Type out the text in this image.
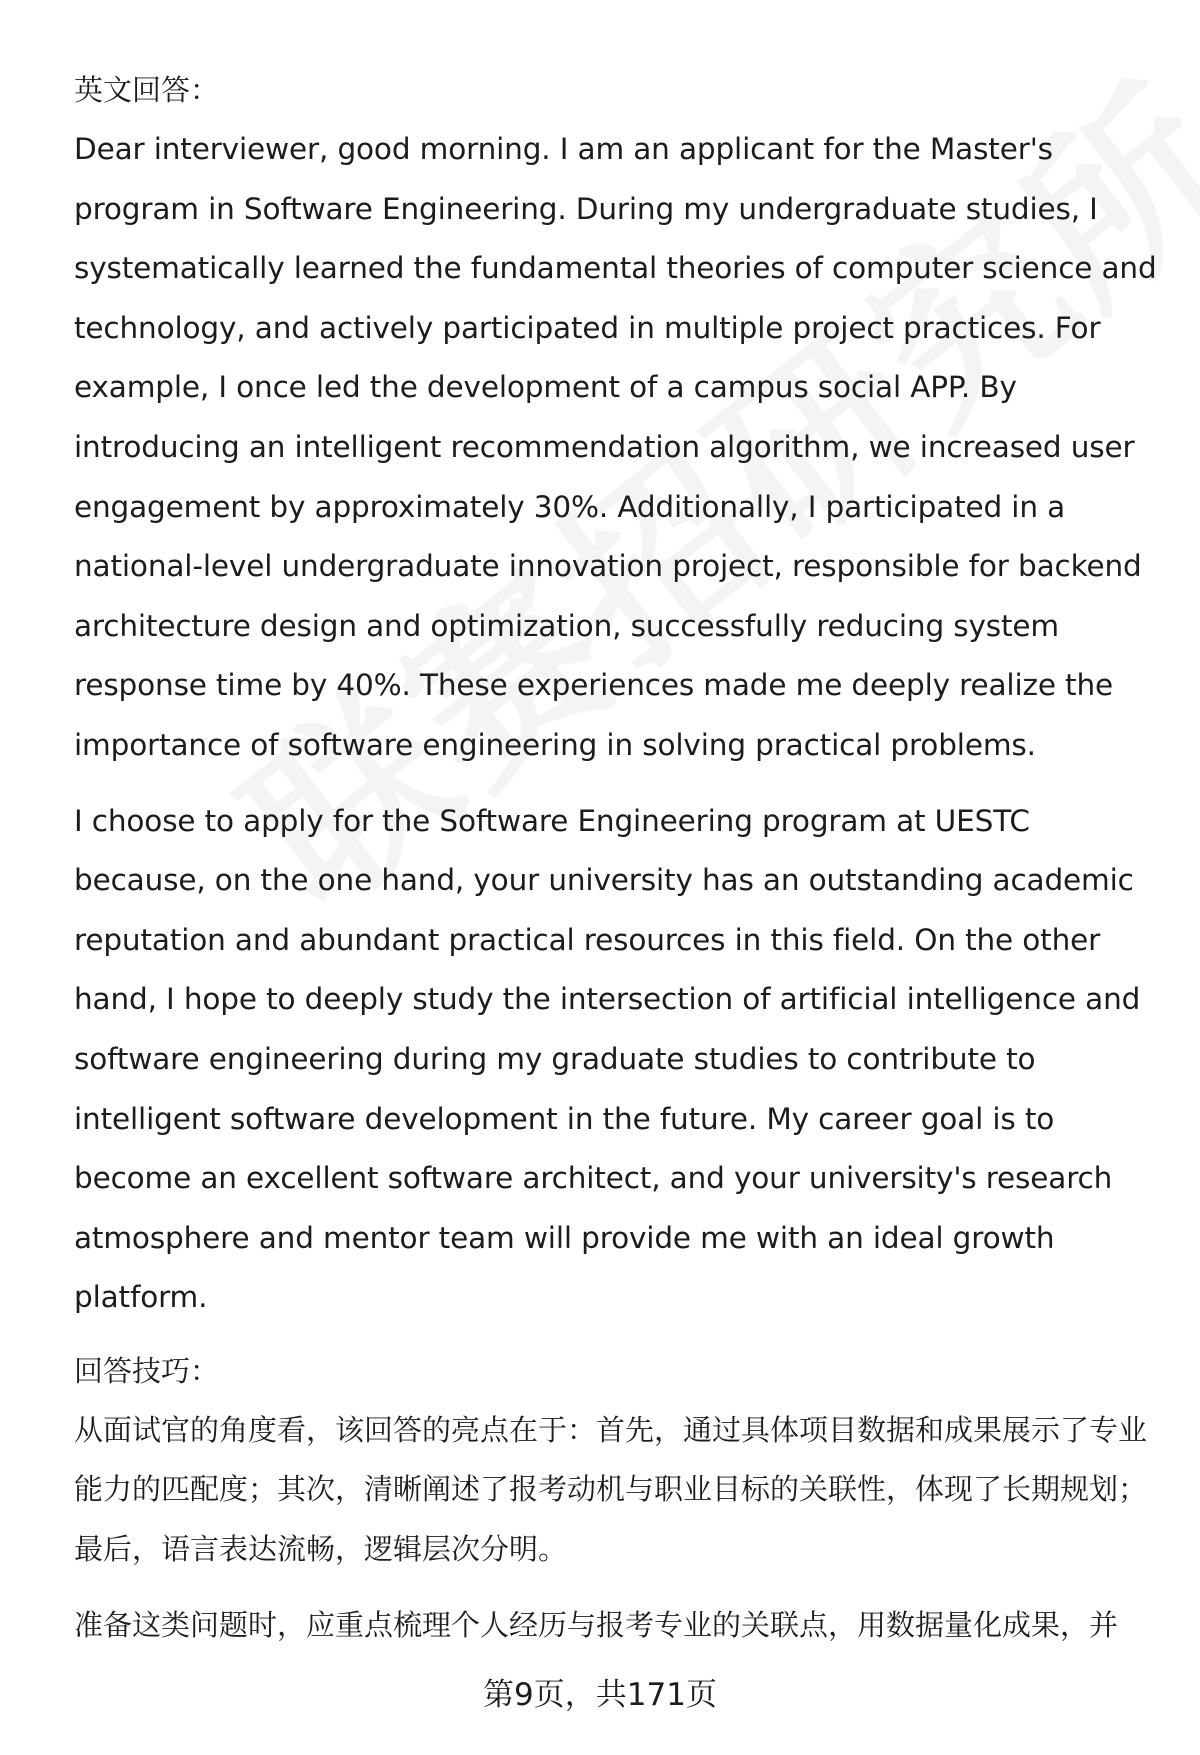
英文回答：

Dear interviewer, good morning. I am an applicant for the Master's program in Software Engineering. During my undergraduate studies, I systematically learned the fundamental theories of computer science and technology, and actively participated in multiple project practices. For example, I once led the development of a campus social APP. By introducing an intelligent recommendation algorithm, we increased user engagement by approximately 30%. Additionally, I participated in a national-level undergraduate innovation project, responsible for backend architecture design and optimization, successfully reducing system response time by 40%. These experiences made me deeply realize the importance of software engineering in solving practical problems.

I choose to apply for the Software Engineering program at UESTC because, on the one hand, your university has an outstanding academic reputation and abundant practical resources in this field. On the other hand, I hope to deeply study the intersection of artificial intelligence and software engineering during my graduate studies to contribute to intelligent software development in the future. My career goal is to become an excellent software architect, and your university's research atmosphere and mentor team will provide me with an ideal growth platform.

回答技巧：

从面试官的角度看，该回答的亮点在于：首先，通过具体项目数据和成果展示了专业能力的匹配度；其次，清晰阐述了报考动机与职业目标的关联性，体现了长期规划；最后，语言表达流畅，逻辑层次分明。

准备这类问题时，应重点梳理个人经历与报考专业的关联点，用数据量化成果，并

第9页，共171页
